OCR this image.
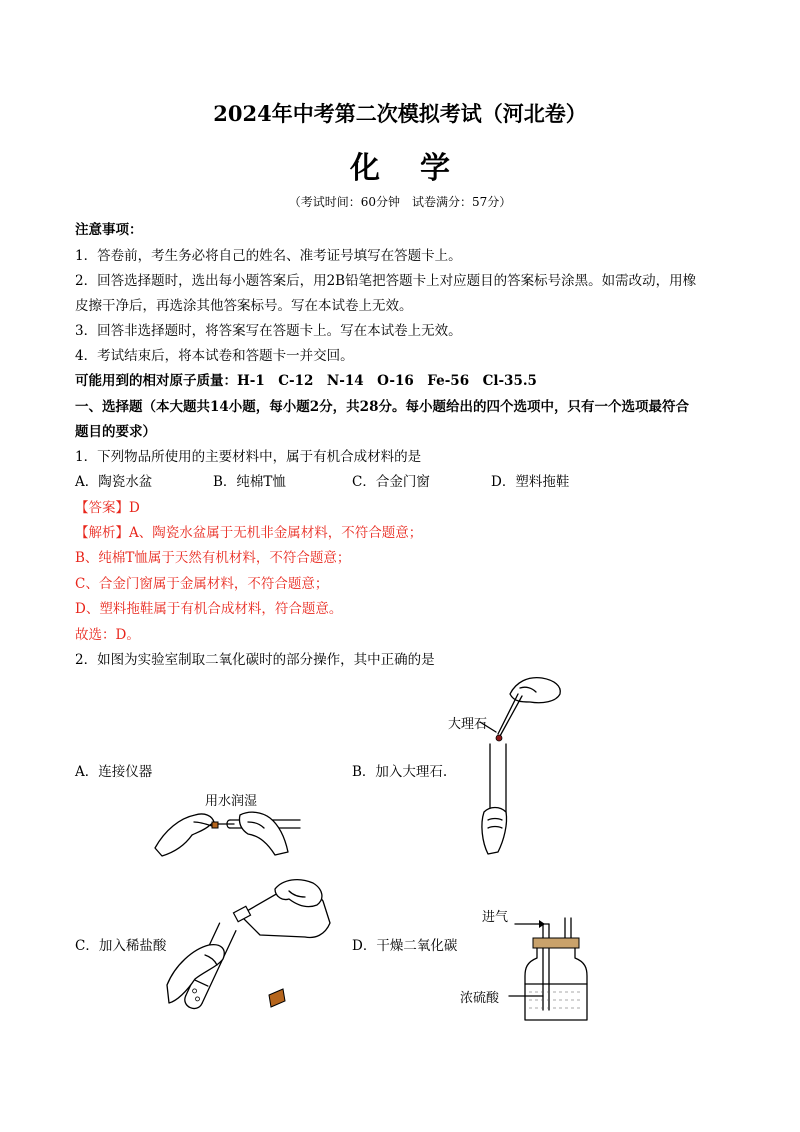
2024年中考第二次模拟考试（河北卷）
化学
（考试时间：60分钟　试卷满分：57分）
注意事项：
1．答卷前，考生务必将自己的姓名、准考证号填写在答题卡上。
2．回答选择题时，选出每小题答案后，用2B铅笔把答题卡上对应题目的答案标号涂黑。如需改动，用橡
皮擦干净后，再选涂其他答案标号。写在本试卷上无效。
3．回答非选择题时，将答案写在答题卡上。写在本试卷上无效。
4．考试结束后，将本试卷和答题卡一并交回。
可能用到的相对原子质量：H-1　C-12　N-14　O-16　Fe-56　Cl-35.5
一、选择题（本大题共14小题，每小题2分，共28分。每小题给出的四个选项中，只有一个选项最符合
题目的要求）
1．下列物品所使用的主要材料中，属于有机合成材料的是
A．陶瓷水盆	B．纯棉T恤	C．合金门窗	D．塑料拖鞋
【答案】D
【解析】A、陶瓷水盆属于无机非金属材料，不符合题意；
B、纯棉T恤属于天然有机材料，不符合题意；
C、合金门窗属于金属材料，不符合题意；
D、塑料拖鞋属于有机合成材料，符合题意。
故选：D。
2．如图为实验室制取二氧化碳时的部分操作，其中正确的是
A．连接仪器	B．加入大理石.
C．加入稀盐酸	D．干燥二氧化碳
用水润湿
大理石
进气
浓硫酸
